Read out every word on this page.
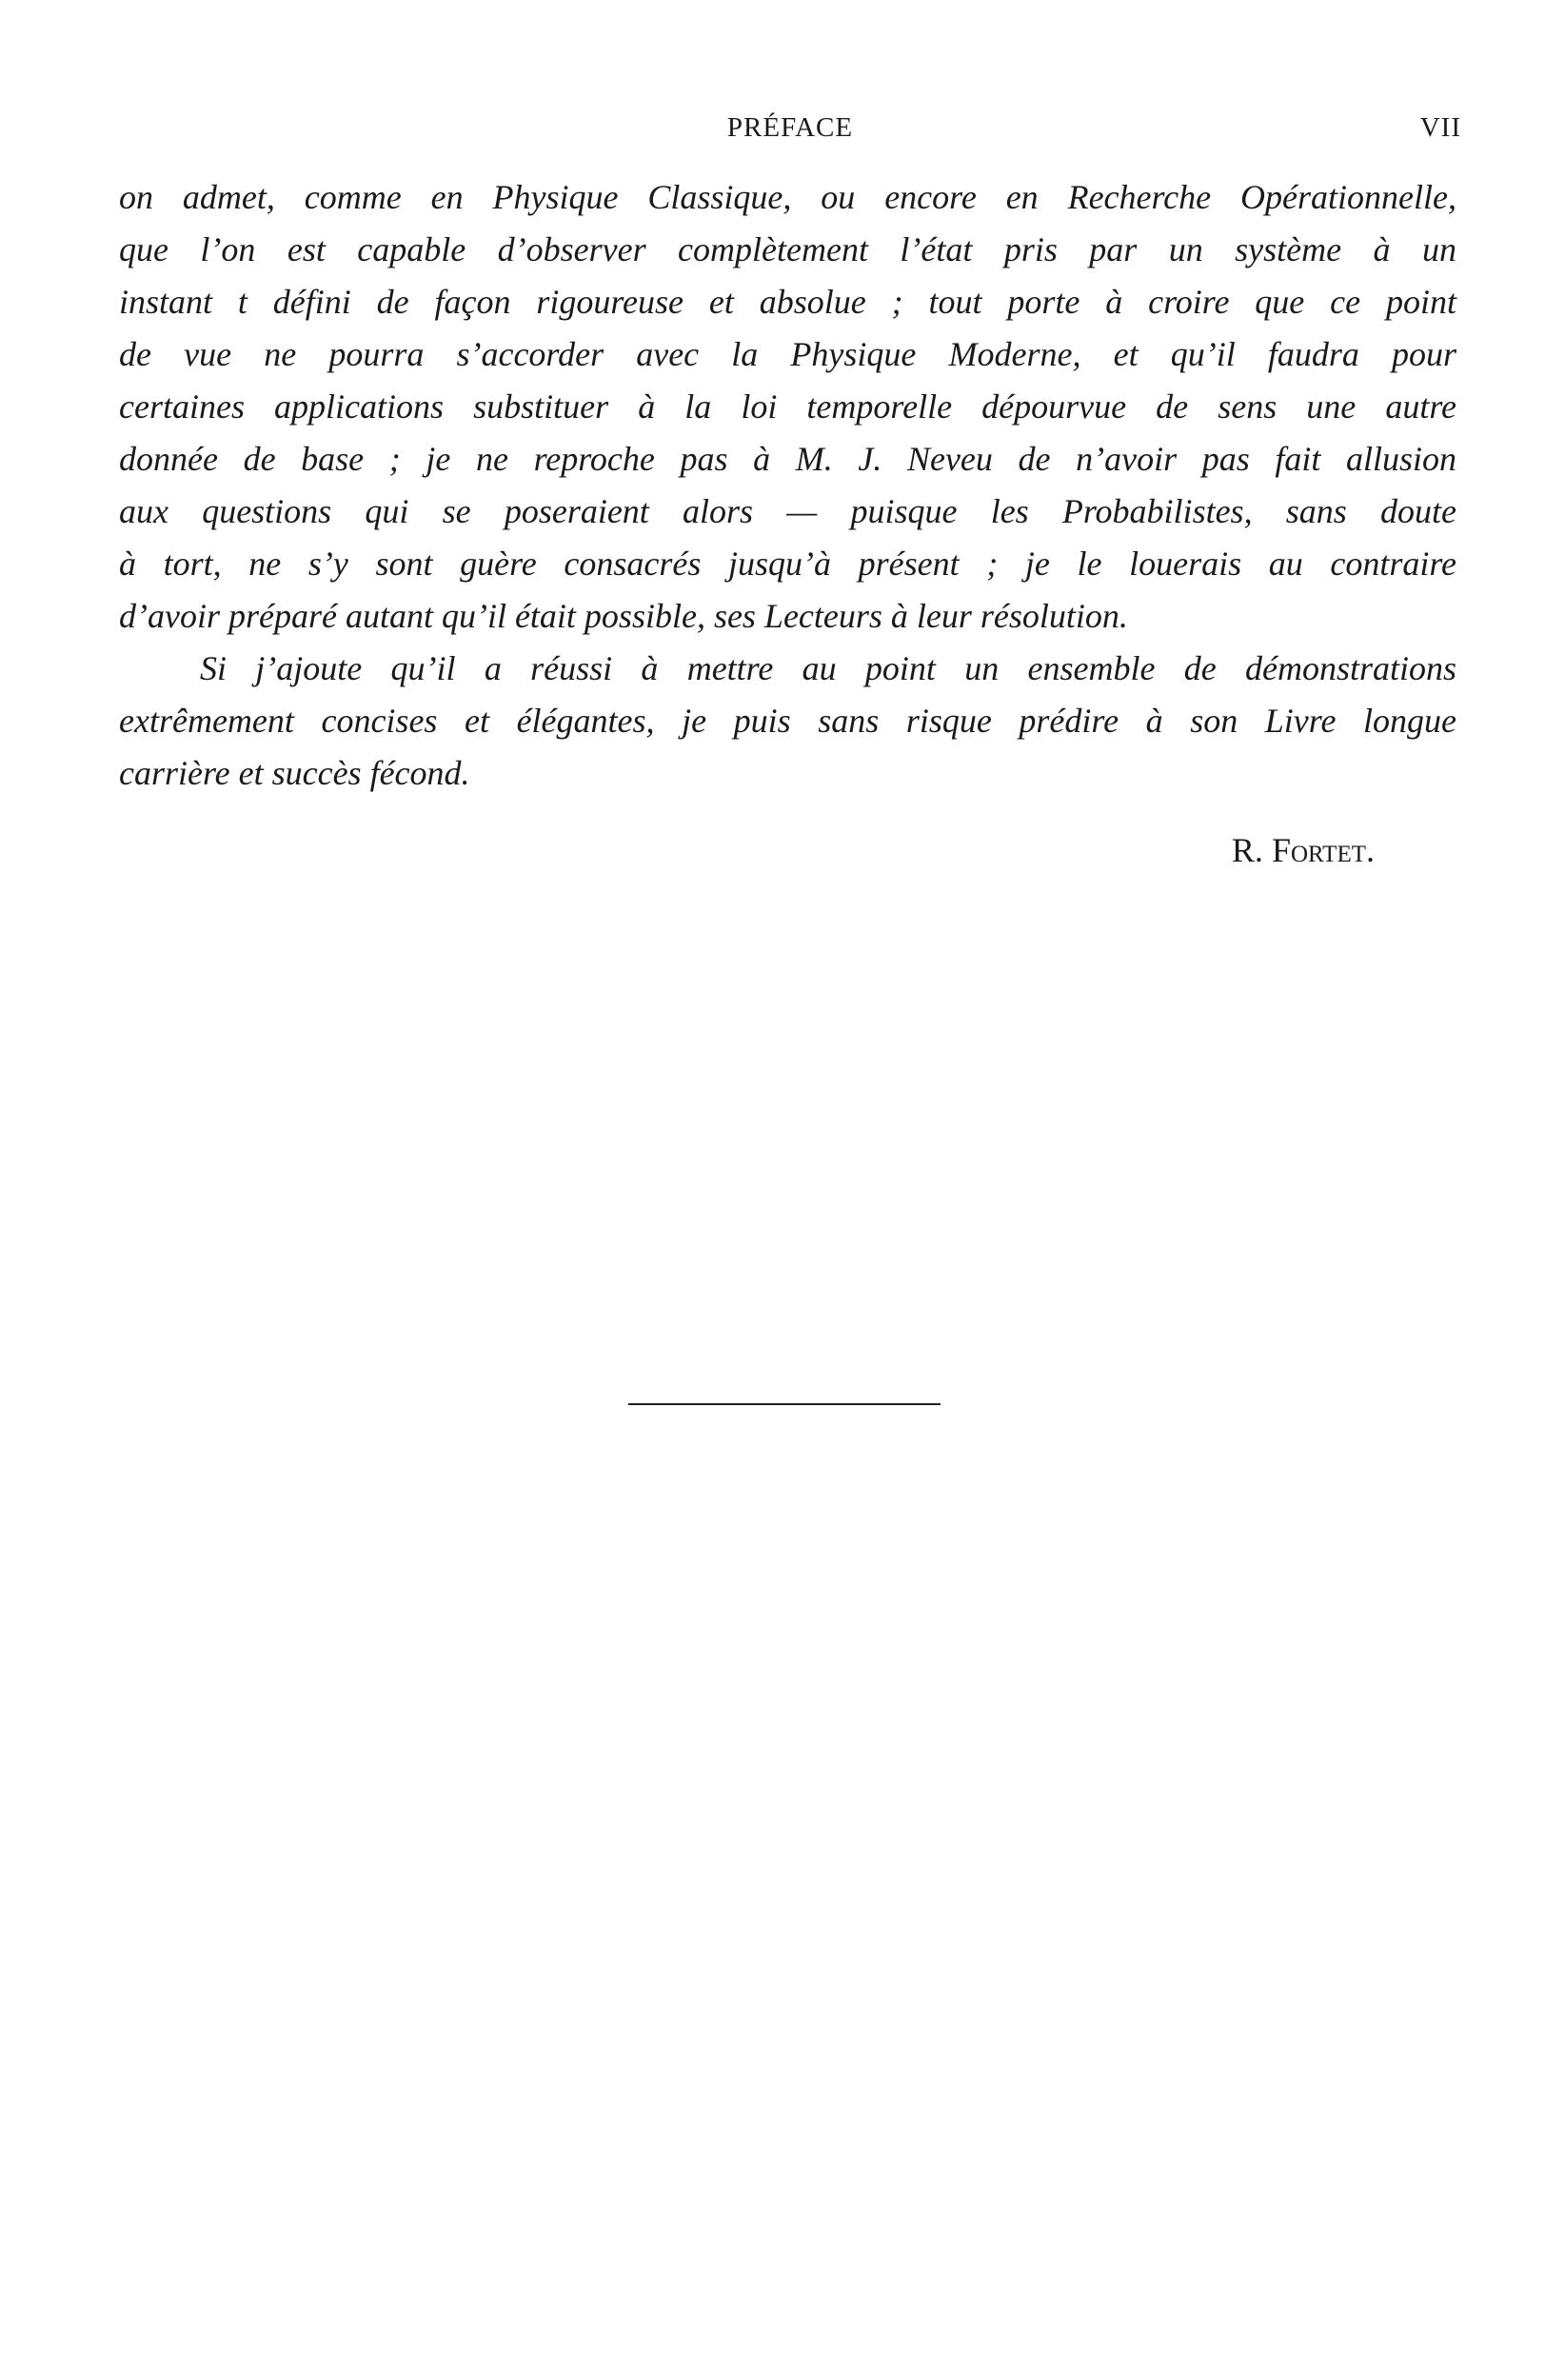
PRÉFACE	VII
on admet, comme en Physique Classique, ou encore en Recherche Opérationnelle,
que l’on est capable d’observer complètement l’état pris par un système à un
instant t défini de façon rigoureuse et absolue ; tout porte à croire que ce point
de vue ne pourra s’accorder avec la Physique Moderne, et qu’il faudra pour
certaines applications substituer à la loi temporelle dépourvue de sens une autre
donnée de base ; je ne reproche pas à M. J. Neveu de n’avoir pas fait allusion
aux questions qui se poseraient alors — puisque les Probabilistes, sans doute
à tort, ne s’y sont guère consacrés jusqu’à présent ; je le louerais au contraire
d’avoir préparé autant qu’il était possible, ses Lecteurs à leur résolution.
Si j’ajoute qu’il a réussi à mettre au point un ensemble de démonstrations
extrêmement concises et élégantes, je puis sans risque prédire à son Livre longue
carrière et succès fécond.
R. Fortet.
